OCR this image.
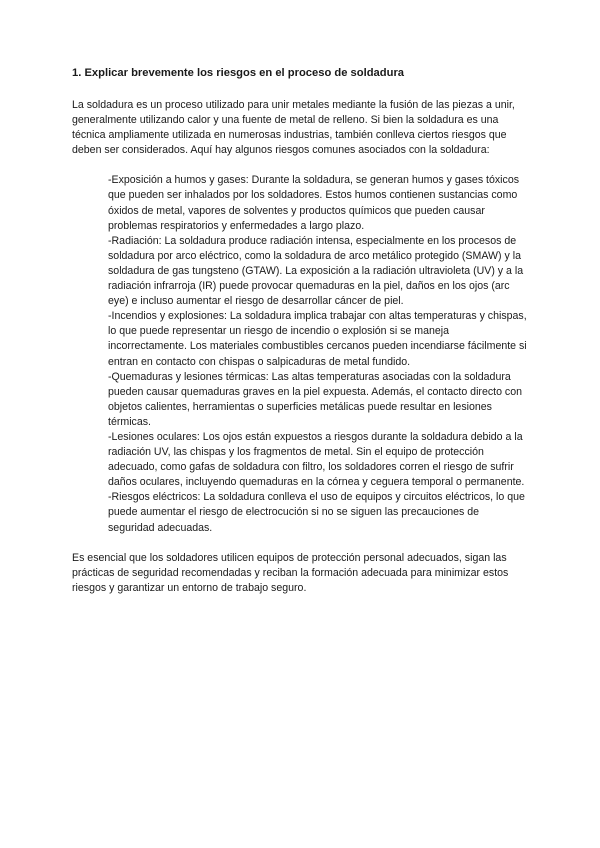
1. Explicar brevemente los riesgos en el proceso de soldadura

La soldadura es un proceso utilizado para unir metales mediante la fusión de las piezas a unir, generalmente utilizando calor y una fuente de metal de relleno. Si bien la soldadura es una técnica ampliamente utilizada en numerosas industrias, también conlleva ciertos riesgos que deben ser considerados. Aquí hay algunos riesgos comunes asociados con la soldadura:

-Exposición a humos y gases: Durante la soldadura, se generan humos y gases tóxicos que pueden ser inhalados por los soldadores. Estos humos contienen sustancias como óxidos de metal, vapores de solventes y productos químicos que pueden causar problemas respiratorios y enfermedades a largo plazo.

-Radiación: La soldadura produce radiación intensa, especialmente en los procesos de soldadura por arco eléctrico, como la soldadura de arco metálico protegido (SMAW) y la soldadura de gas tungsteno (GTAW). La exposición a la radiación ultravioleta (UV) y a la radiación infrarroja (IR) puede provocar quemaduras en la piel, daños en los ojos (arc eye) e incluso aumentar el riesgo de desarrollar cáncer de piel.

-Incendios y explosiones: La soldadura implica trabajar con altas temperaturas y chispas, lo que puede representar un riesgo de incendio o explosión si se maneja incorrectamente. Los materiales combustibles cercanos pueden incendiarse fácilmente si entran en contacto con chispas o salpicaduras de metal fundido.

-Quemaduras y lesiones térmicas: Las altas temperaturas asociadas con la soldadura pueden causar quemaduras graves en la piel expuesta. Además, el contacto directo con objetos calientes, herramientas o superficies metálicas puede resultar en lesiones térmicas.

-Lesiones oculares: Los ojos están expuestos a riesgos durante la soldadura debido a la radiación UV, las chispas y los fragmentos de metal. Sin el equipo de protección adecuado, como gafas de soldadura con filtro, los soldadores corren el riesgo de sufrir daños oculares, incluyendo quemaduras en la córnea y ceguera temporal o permanente.

-Riesgos eléctricos: La soldadura conlleva el uso de equipos y circuitos eléctricos, lo que puede aumentar el riesgo de electrocución si no se siguen las precauciones de seguridad adecuadas.

Es esencial que los soldadores utilicen equipos de protección personal adecuados, sigan las prácticas de seguridad recomendadas y reciban la formación adecuada para minimizar estos riesgos y garantizar un entorno de trabajo seguro.
